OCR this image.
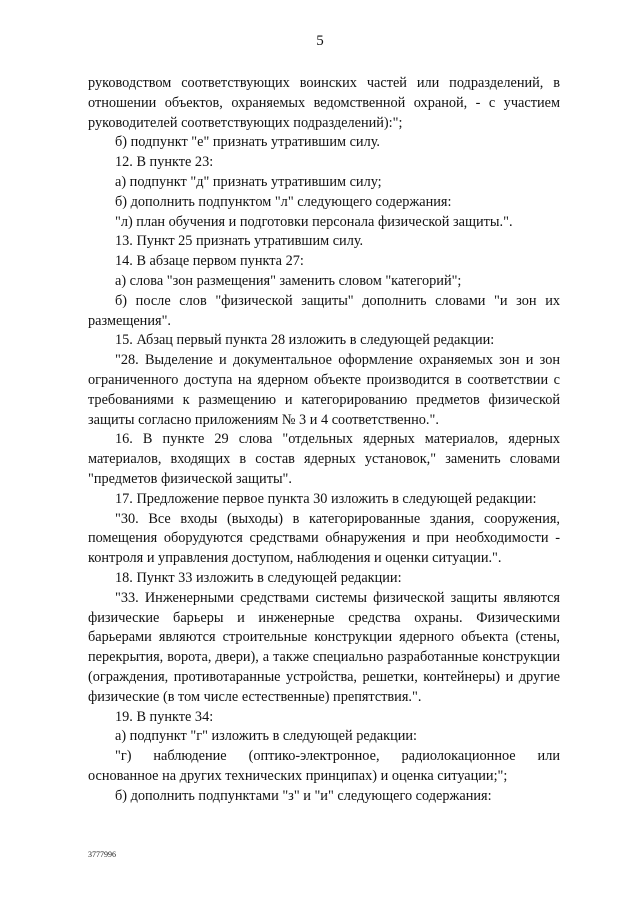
5

руководством соответствующих воинских частей или подразделений, в отношении объектов, охраняемых ведомственной охраной, - с участием руководителей соответствующих подразделений):";

б) подпункт "е" признать утратившим силу.

12. В пункте 23:

а) подпункт "д" признать утратившим силу;

б) дополнить подпунктом "л" следующего содержания:

"л) план обучения и подготовки персонала физической защиты.".

13. Пункт 25 признать утратившим силу.

14. В абзаце первом пункта 27:

а) слова "зон размещения" заменить словом "категорий";

б) после слов "физической защиты" дополнить словами "и зон их размещения".

15. Абзац первый пункта 28 изложить в следующей редакции:

"28. Выделение и документальное оформление охраняемых зон и зон ограниченного доступа на ядерном объекте производится в соответствии с требованиями к размещению и категорированию предметов физической защиты согласно приложениям № 3 и 4 соответственно.".

16. В пункте 29 слова "отдельных ядерных материалов, ядерных материалов, входящих в состав ядерных установок," заменить словами "предметов физической защиты".

17. Предложение первое пункта 30 изложить в следующей редакции:

"30. Все входы (выходы) в категорированные здания, сооружения, помещения оборудуются средствами обнаружения и при необходимости - контроля и управления доступом, наблюдения и оценки ситуации.".

18. Пункт 33 изложить в следующей редакции:

"33. Инженерными средствами системы физической защиты являются физические барьеры и инженерные средства охраны. Физическими барьерами являются строительные конструкции ядерного объекта (стены, перекрытия, ворота, двери), а также специально разработанные конструкции (ограждения, противотаранные устройства, решетки, контейнеры) и другие физические (в том числе естественные) препятствия.".

19. В пункте 34:

а) подпункт "г" изложить в следующей редакции:

"г) наблюдение (оптико-электронное, радиолокационное или основанное на других технических принципах) и оценка ситуации;";

б) дополнить подпунктами "з" и "и" следующего содержания:

3777996
